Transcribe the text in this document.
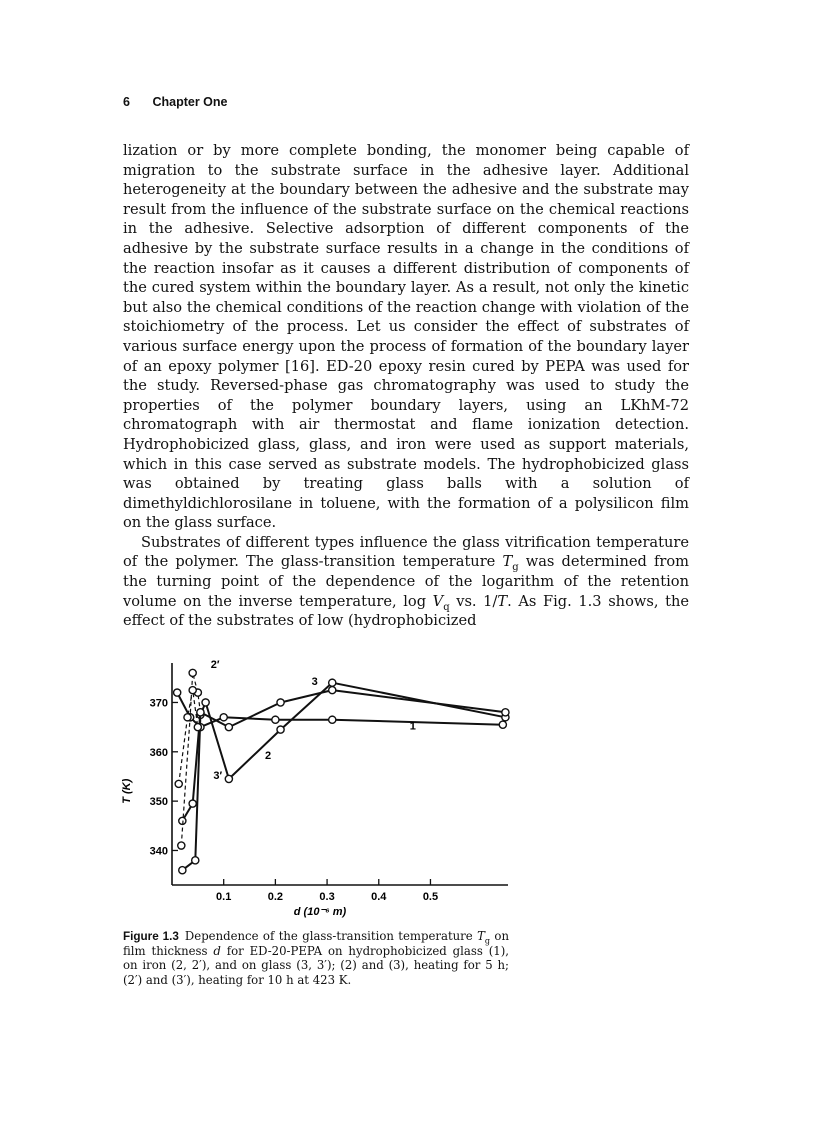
6 Chapter One

lization or by more complete bonding, the monomer being capable of migration to the substrate surface in the adhesive layer. Additional heterogeneity at the boundary between the adhesive and the substrate may result from the influence of the substrate surface on the chemical reactions in the adhesive. Selective adsorption of different components of the adhesive by the substrate surface results in a change in the conditions of the reaction insofar as it causes a different distribution of components of the cured system within the boundary layer. As a result, not only the kinetic but also the chemical conditions of the reaction change with violation of the stoichiometry of the process. Let us consider the effect of substrates of various surface energy upon the process of formation of the boundary layer of an epoxy polymer [16]. ED-20 epoxy resin cured by PEPA was used for the study. Reversed-phase gas chromatography was used to study the properties of the polymer boundary layers, using an LKhM-72 chromatograph with air thermostat and flame ionization detection. Hydrophobicized glass, glass, and iron were used as support materials, which in this case served as substrate models. The hydrophobicized glass was obtained by treating glass balls with a solution of dimethyldichlorosilane in toluene, with the formation of a polysilicon film on the glass surface.

Substrates of different types influence the glass vitrification temperature of the polymer. The glass-transition temperature $T_g$ was determined from the turning point of the dependence of the logarithm of the retention volume on the inverse temperature, $\log V_q$ vs. 1/T. As Fig. 1.3 shows, the effect of the substrates of low (hydrophobicized

0.1	0.2	0.3	0.4	0.5
340
350
360
370
d (10⁻⁶ m)
T (K)
1
2
3
2′
3′
Figure 1.3 Dependence of the glass-transition temperature $T_g$ on film thickness d for ED-20-PEPA on hydrophobicized glass (1), on iron (2, 2′), and on glass (3, 3′); (2) and (3), heating for 5 h; (2′) and (3′), heating for 10 h at 423 K.
